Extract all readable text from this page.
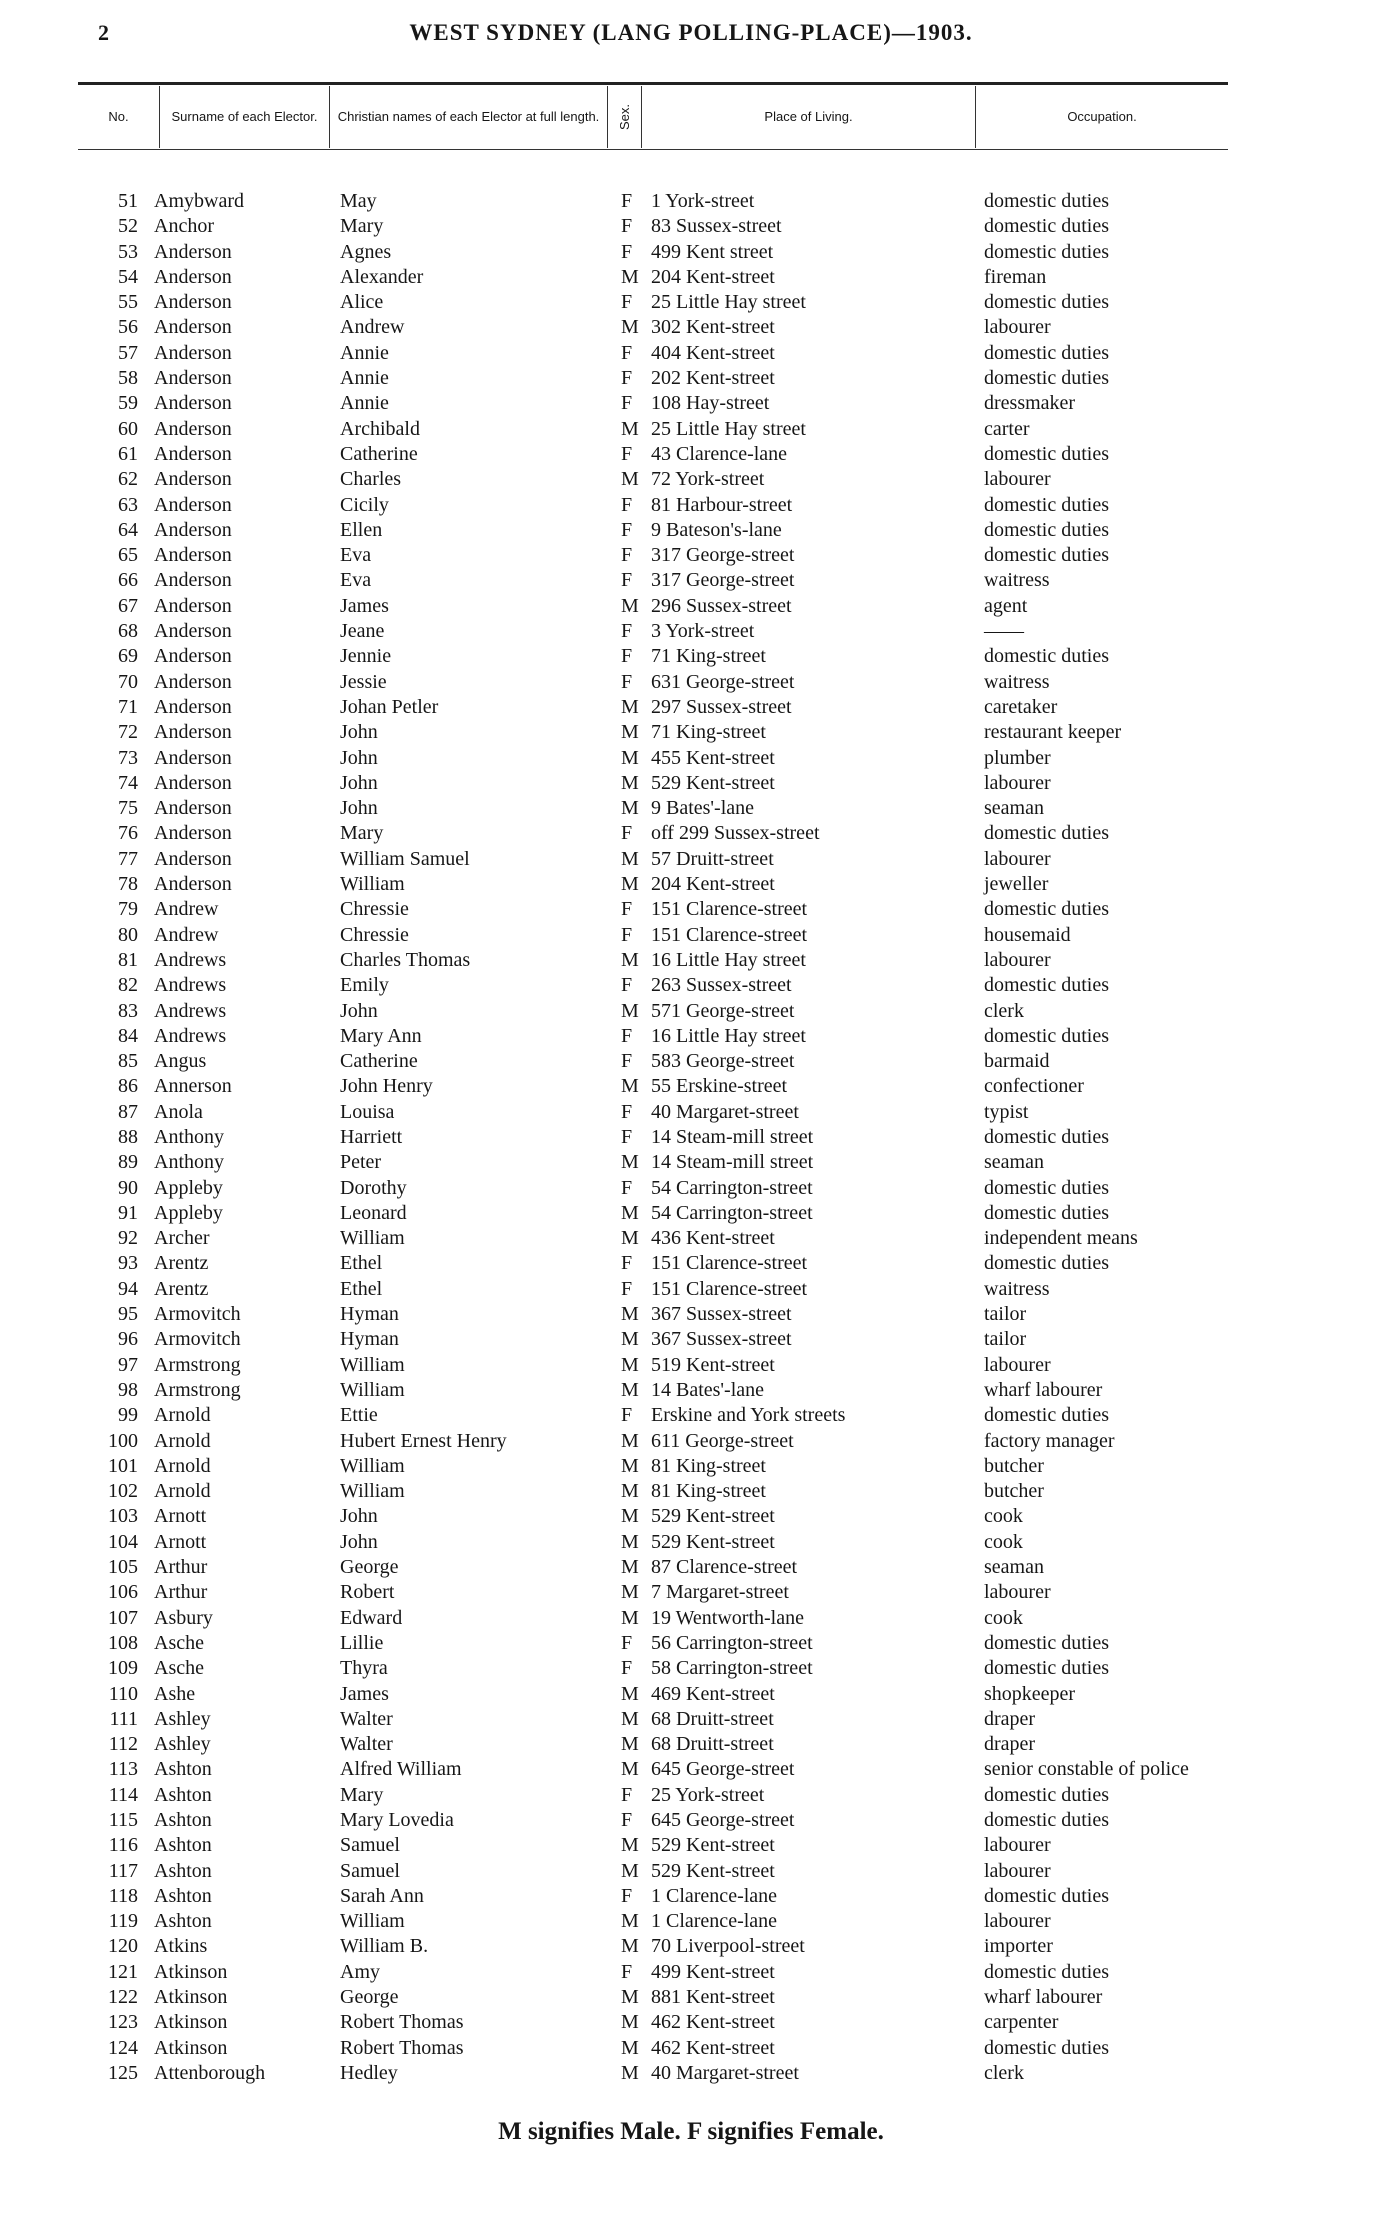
2	WEST SYDNEY (LANG POLLING-PLACE)—1903.
No.	Surname of each Elector.	Christian names of each Elector at full length.	Sex.	Place of Living.	Occupation.
51 Amybward	May	F 1 York-street	domestic duties
52 Anchor	Mary	F 83 Sussex-street	domestic duties
53 Anderson	Agnes	F 499 Kent street	domestic duties
54 Anderson	Alexander	M 204 Kent-street	fireman
55 Anderson	Alice	F 25 Little Hay street	domestic duties
56 Anderson	Andrew	M 302 Kent-street	labourer
57 Anderson	Annie	F 404 Kent-street	domestic duties
58 Anderson	Annie	F 202 Kent-street	domestic duties
59 Anderson	Annie	F 108 Hay-street	dressmaker
60 Anderson	Archibald	M 25 Little Hay street	carter
61 Anderson	Catherine	F 43 Clarence-lane	domestic duties
62 Anderson	Charles	M 72 York-street	labourer
63 Anderson	Cicily	F 81 Harbour-street	domestic duties
64 Anderson	Ellen	F 9 Bateson's-lane	domestic duties
65 Anderson	Eva	F 317 George-street	domestic duties
66 Anderson	Eva	F 317 George-street	waitress
67 Anderson	James	M 296 Sussex-street	agent
68 Anderson	Jeane	F 3 York-street	——
69 Anderson	Jennie	F 71 King-street	domestic duties
70 Anderson	Jessie	F 631 George-street	waitress
71 Anderson	Johan Petler	M 297 Sussex-street	caretaker
72 Anderson	John	M 71 King-street	restaurant keeper
73 Anderson	John	M 455 Kent-street	plumber
74 Anderson	John	M 529 Kent-street	labourer
75 Anderson	John	M 9 Bates'-lane	seaman
76 Anderson	Mary	F off 299 Sussex-street	domestic duties
77 Anderson	William Samuel	M 57 Druitt-street	labourer
78 Anderson	William	M 204 Kent-street	jeweller
79 Andrew	Chressie	F 151 Clarence-street	domestic duties
80 Andrew	Chressie	F 151 Clarence-street	housemaid
81 Andrews	Charles Thomas	M 16 Little Hay street	labourer
82 Andrews	Emily	F 263 Sussex-street	domestic duties
83 Andrews	John	M 571 George-street	clerk
84 Andrews	Mary Ann	F 16 Little Hay street	domestic duties
85 Angus	Catherine	F 583 George-street	barmaid
86 Annerson	John Henry	M 55 Erskine-street	confectioner
87 Anola	Louisa	F 40 Margaret-street	typist
88 Anthony	Harriett	F 14 Steam-mill street	domestic duties
89 Anthony	Peter	M 14 Steam-mill street	seaman
90 Appleby	Dorothy	F 54 Carrington-street	domestic duties
91 Appleby	Leonard	M 54 Carrington-street	domestic duties
92 Archer	William	M 436 Kent-street	independent means
93 Arentz	Ethel	F 151 Clarence-street	domestic duties
94 Arentz	Ethel	F 151 Clarence-street	waitress
95 Armovitch	Hyman	M 367 Sussex-street	tailor
96 Armovitch	Hyman	M 367 Sussex-street	tailor
97 Armstrong	William	M 519 Kent-street	labourer
98 Armstrong	William	M 14 Bates'-lane	wharf labourer
99 Arnold	Ettie	F Erskine and York streets	domestic duties
100 Arnold	Hubert Ernest Henry	M 611 George-street	factory manager
101 Arnold	William	M 81 King-street	butcher
102 Arnold	William	M 81 King-street	butcher
103 Arnott	John	M 529 Kent-street	cook
104 Arnott	John	M 529 Kent-street	cook
105 Arthur	George	M 87 Clarence-street	seaman
106 Arthur	Robert	M 7 Margaret-street	labourer
107 Asbury	Edward	M 19 Wentworth-lane	cook
108 Asche	Lillie	F 56 Carrington-street	domestic duties
109 Asche	Thyra	F 58 Carrington-street	domestic duties
110 Ashe	James	M 469 Kent-street	shopkeeper
111 Ashley	Walter	M 68 Druitt-street	draper
112 Ashley	Walter	M 68 Druitt-street	draper
113 Ashton	Alfred William	M 645 George-street	senior constable of police
114 Ashton	Mary	F 25 York-street	domestic duties
115 Ashton	Mary Lovedia	F 645 George-street	domestic duties
116 Ashton	Samuel	M 529 Kent-street	labourer
117 Ashton	Samuel	M 529 Kent-street	labourer
118 Ashton	Sarah Ann	F 1 Clarence-lane	domestic duties
119 Ashton	William	M 1 Clarence-lane	labourer
120 Atkins	William B.	M 70 Liverpool-street	importer
121 Atkinson	Amy	F 499 Kent-street	domestic duties
122 Atkinson	George	M 881 Kent-street	wharf labourer
123 Atkinson	Robert Thomas	M 462 Kent-street	carpenter
124 Atkinson	Robert Thomas	M 462 Kent-street	domestic duties
125 Attenborough	Hedley	M 40 Margaret-street	clerk
M signifies Male. F signifies Female.
